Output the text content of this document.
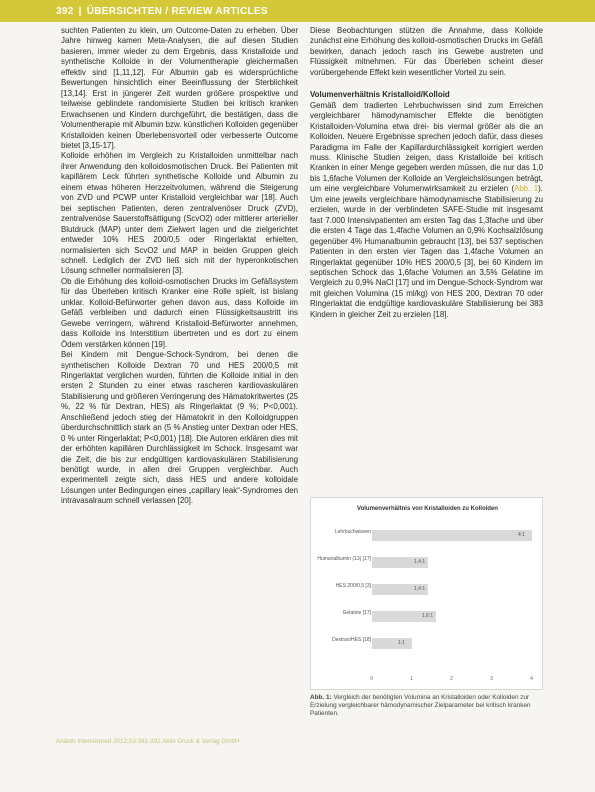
392 | ÜBERSICHTEN / REVIEW ARTICLES

suchten Patienten zu klein, um Outcome-Daten zu erheben. Über Jahre hinweg kamen Meta-Analysen, die auf diesen Studien basieren, immer wieder zu dem Ergebnis, dass Kristalloide und synthetische Kolloide in der Volumentherapie gleichermaßen effektiv sind [1,11,12]. Für Albumin gab es widersprüchliche Bewertungen hinsichtlich einer Beeinflussung der Sterblichkeit [13,14]. Erst in jüngerer Zeit wurden größere prospektive und teilweise geblindete randomisierte Studien bei kritisch kranken Erwachsenen und Kindern durchgeführt, die bestätigen, dass die Volumentherapie mit Albumin bzw. künstlichen Kolloiden gegenüber Kristalloiden keinen Überlebensvorteil oder verbesserte Outcome bietet [3,15-17].

Kolloide erhöhen im Vergleich zu Kristalloiden unmittelbar nach ihrer Anwendung den kolloidosmotischen Druck. Bei Patienten mit kapillärem Leck führten synthetische Kolloide und Albumin zu einem etwas höheren Herzzeitvolumen, während die Steigerung von ZVD und PCWP unter Kristalloid vergleichbar war [18]. Auch bei septischen Patienten, deren zentralvenöser Druck (ZVD), zentralvenöse Sauerstoffsättigung (ScvO2) oder mittlerer arterieller Blutdruck (MAP) unter dem Zielwert lagen und die zielgerichtet entweder 10% HES 200/0,5 oder Ringerlaktat erhielten, normalisierten sich ScvO2 und MAP in beiden Gruppen gleich schnell. Lediglich der ZVD ließ sich mit der hyperonkotischen Lösung schneller normalisieren [3].

Ob die Erhöhung des kolloid-osmotischen Drucks im Gefäßsystem für das Überleben kritisch Kranker eine Rolle spielt, ist bislang unklar. Kolloid-Befürworter gehen davon aus, dass Kolloide im Gefäß verbleiben und dadurch einen Flüssigkeitsaustritt ins Gewebe verringern, während Kristalloid-Befürworter annehmen, dass Kolloide ins Interstitium übertreten und es dort zu einem Ödem verstärken können [19].

Bei Kindern mit Dengue-Schock-Syndrom, bei denen die synthetischen Kolloide Dextran 70 und HES 200/0,5 mit Ringerlaktat verglichen wurden, führten die Kolloide initial in den ersten 2 Stunden zu einer etwas rascheren kardiovaskulären Stabilisierung und größeren Verringerung des Hämatokritwertes (25 %, 22 % für Dextran, HES) als Ringerlaktat (9 %; P<0,001). Anschließend jedoch stieg der Hämatokrit in den Kolloidgruppen überdurchschnittlich stark an (5 % Anstieg unter Dextran oder HES, 0 % unter Ringerlaktat; P<0,001) [18]. Die Autoren erklären dies mit der erhöhten kapillären Durchlässigkeit im Schock. Insgesamt war die Zeit, die bis zur endgültigen kardiovaskulären Stabilisierung benötigt wurde, in allen drei Gruppen vergleichbar. Auch experimentell zeigte sich, dass HES und andere kolloidale Lösungen unter Bedingungen eines „capillary leak“-Syndromes den intravasalraum schnell verlassen [20].

Diese Beobachtungen stützen die Annahme, dass Kolloide zunächst eine Erhöhung des kolloid-osmotischen Drucks im Gefäß bewirken, danach jedoch rasch ins Gewebe austreten und Flüssigkeit mitnehmen. Für das Überleben scheint dieser vorübergehende Effekt kein wesentlicher Vorteil zu sein.

Volumenverhältnis Kristalloid/Kolloid

Gemäß dem tradierten Lehrbuchwissen sind zum Erreichen vergleichbarer hämodynamischer Effekte die benötigten Kristalloiden-Volumina etwa drei- bis viermal größer als die an Kolloiden. Neuere Ergebnisse sprechen jedoch dafür, dass dieses Paradigma im Falle der Kapillardurchlässigkeit korrigiert werden muss. Klinische Studien zeigen, dass Kristalloide bei kritisch Kranken in einer Menge gegeben werden müssen, die nur das 1,0 bis 1,6fache Volumen der Kolloide an Vergleichslösungen beträgt, um eine vergleichbare Volumenwirksamkeit zu erzielen (Abb. 1). Um eine jeweils vergleichbare hämodynamische Stabilisierung zu erzielen, wurde in der verblindeten SAFE-Studie mit insgesamt fast 7.000 Intensivpatienten am ersten Tag das 1,3fache und über die ersten 4 Tage das 1,4fache Volumen an 0,9% Kochsalzlösung gegenüber 4% Humanalbumin gebraucht [13], bei 537 septischen Patienten in den ersten vier Tagen das 1,4fache Volumen an Ringerlaktat gegenüber 10% HES 200/0,5 [3], bei 60 Kindern im septischen Schock das 1,6fache Volumen an 3,5% Gelatine im Vergleich zu 0,9% NaCl [17] und im Dengue-Schock-Syndrom war mit gleichen Volumina (15 ml/kg) von HES 200, Dextran 70 oder Ringerlaktat die endgültige kardiovaskuläre Stabilisierung bei 383 Kindern in gleicher Zeit zu erzielen [18].

Volumenverhältnis von Kristalloiden zu Kolloiden
Lehrbuchwissen	4:1
Humanalbumin (13) [17]	1,4:1
HES 200/0,5 [3]	1,4:1
Gelatine [17]	1,6:1
Dextran/HES [18]	1:1
0	1	2	3	4
Abb. 1: Vergleich der benötigten Volumina an Kristalloiden oder Kolloiden zur Erzielung vergleichbarer hämodynamischer Zielparameter bei kritisch kranken Patienten.
Anästh Intensivmed 2012;53:381-392 Aktiv Druck & Verlag GmbH
